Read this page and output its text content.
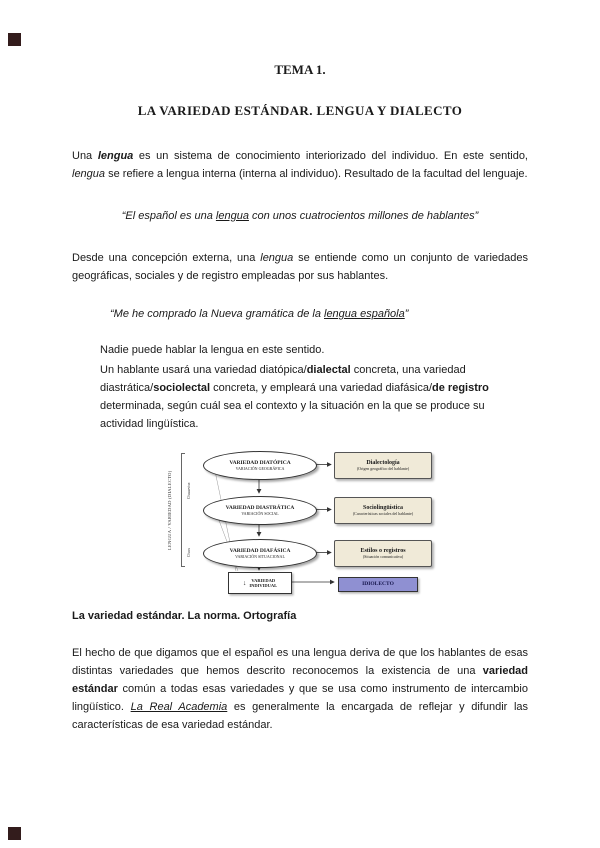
TEMA 1.
LA VARIEDAD ESTÁNDAR. LENGUA Y DIALECTO

Una lengua es un sistema de conocimiento interiorizado del individuo. En este sentido, lengua se refiere a lengua interna (interna al individuo). Resultado de la facultad del lenguaje.

“El español es una lengua con unos cuatrocientos millones de hablantes”

Desde una concepción externa, una lengua se entiende como un conjunto de variedades geográficas, sociales y de registro empleadas por sus hablantes.

“Me he comprado la Nueva gramática de la lengua española”

Nadie puede hablar la lengua en este sentido.

Un hablante usará una variedad diatópica/dialectal concreta, una variedad diastrática/sociolectal concreta, y empleará una variedad diafásica/de registro determinada, según cuál sea el contexto y la situación en la que se produce su actividad lingüística.

LENGUA / VARIEDAD (DIALECTO)	Usuarios
Usos
VARIEDAD DIATÓPICA
VARIACIÓN GEOGRÁFICA
VARIEDAD DIASTRÁTICA
VARIACIÓN SOCIAL
VARIEDAD DIAFÁSICA
VARIACIÓN SITUACIONAL
Dialectología
(Origen geográfico del hablante)
Sociolingüística
(Características sociales del hablante)
Estilos o registros
(Situación comunicativa)
↓	VARIEDAD
INDIVIDUAL	IDIOLECTO

La variedad estándar. La norma. Ortografía

El hecho de que digamos que el español es una lengua deriva de que los hablantes de esas distintas variedades que hemos descrito reconocemos la existencia de una variedad estándar común a todas esas variedades y que se usa como instrumento de intercambio lingüístico. La Real Academia es generalmente la encargada de reflejar y difundir las características de esa variedad estándar.
